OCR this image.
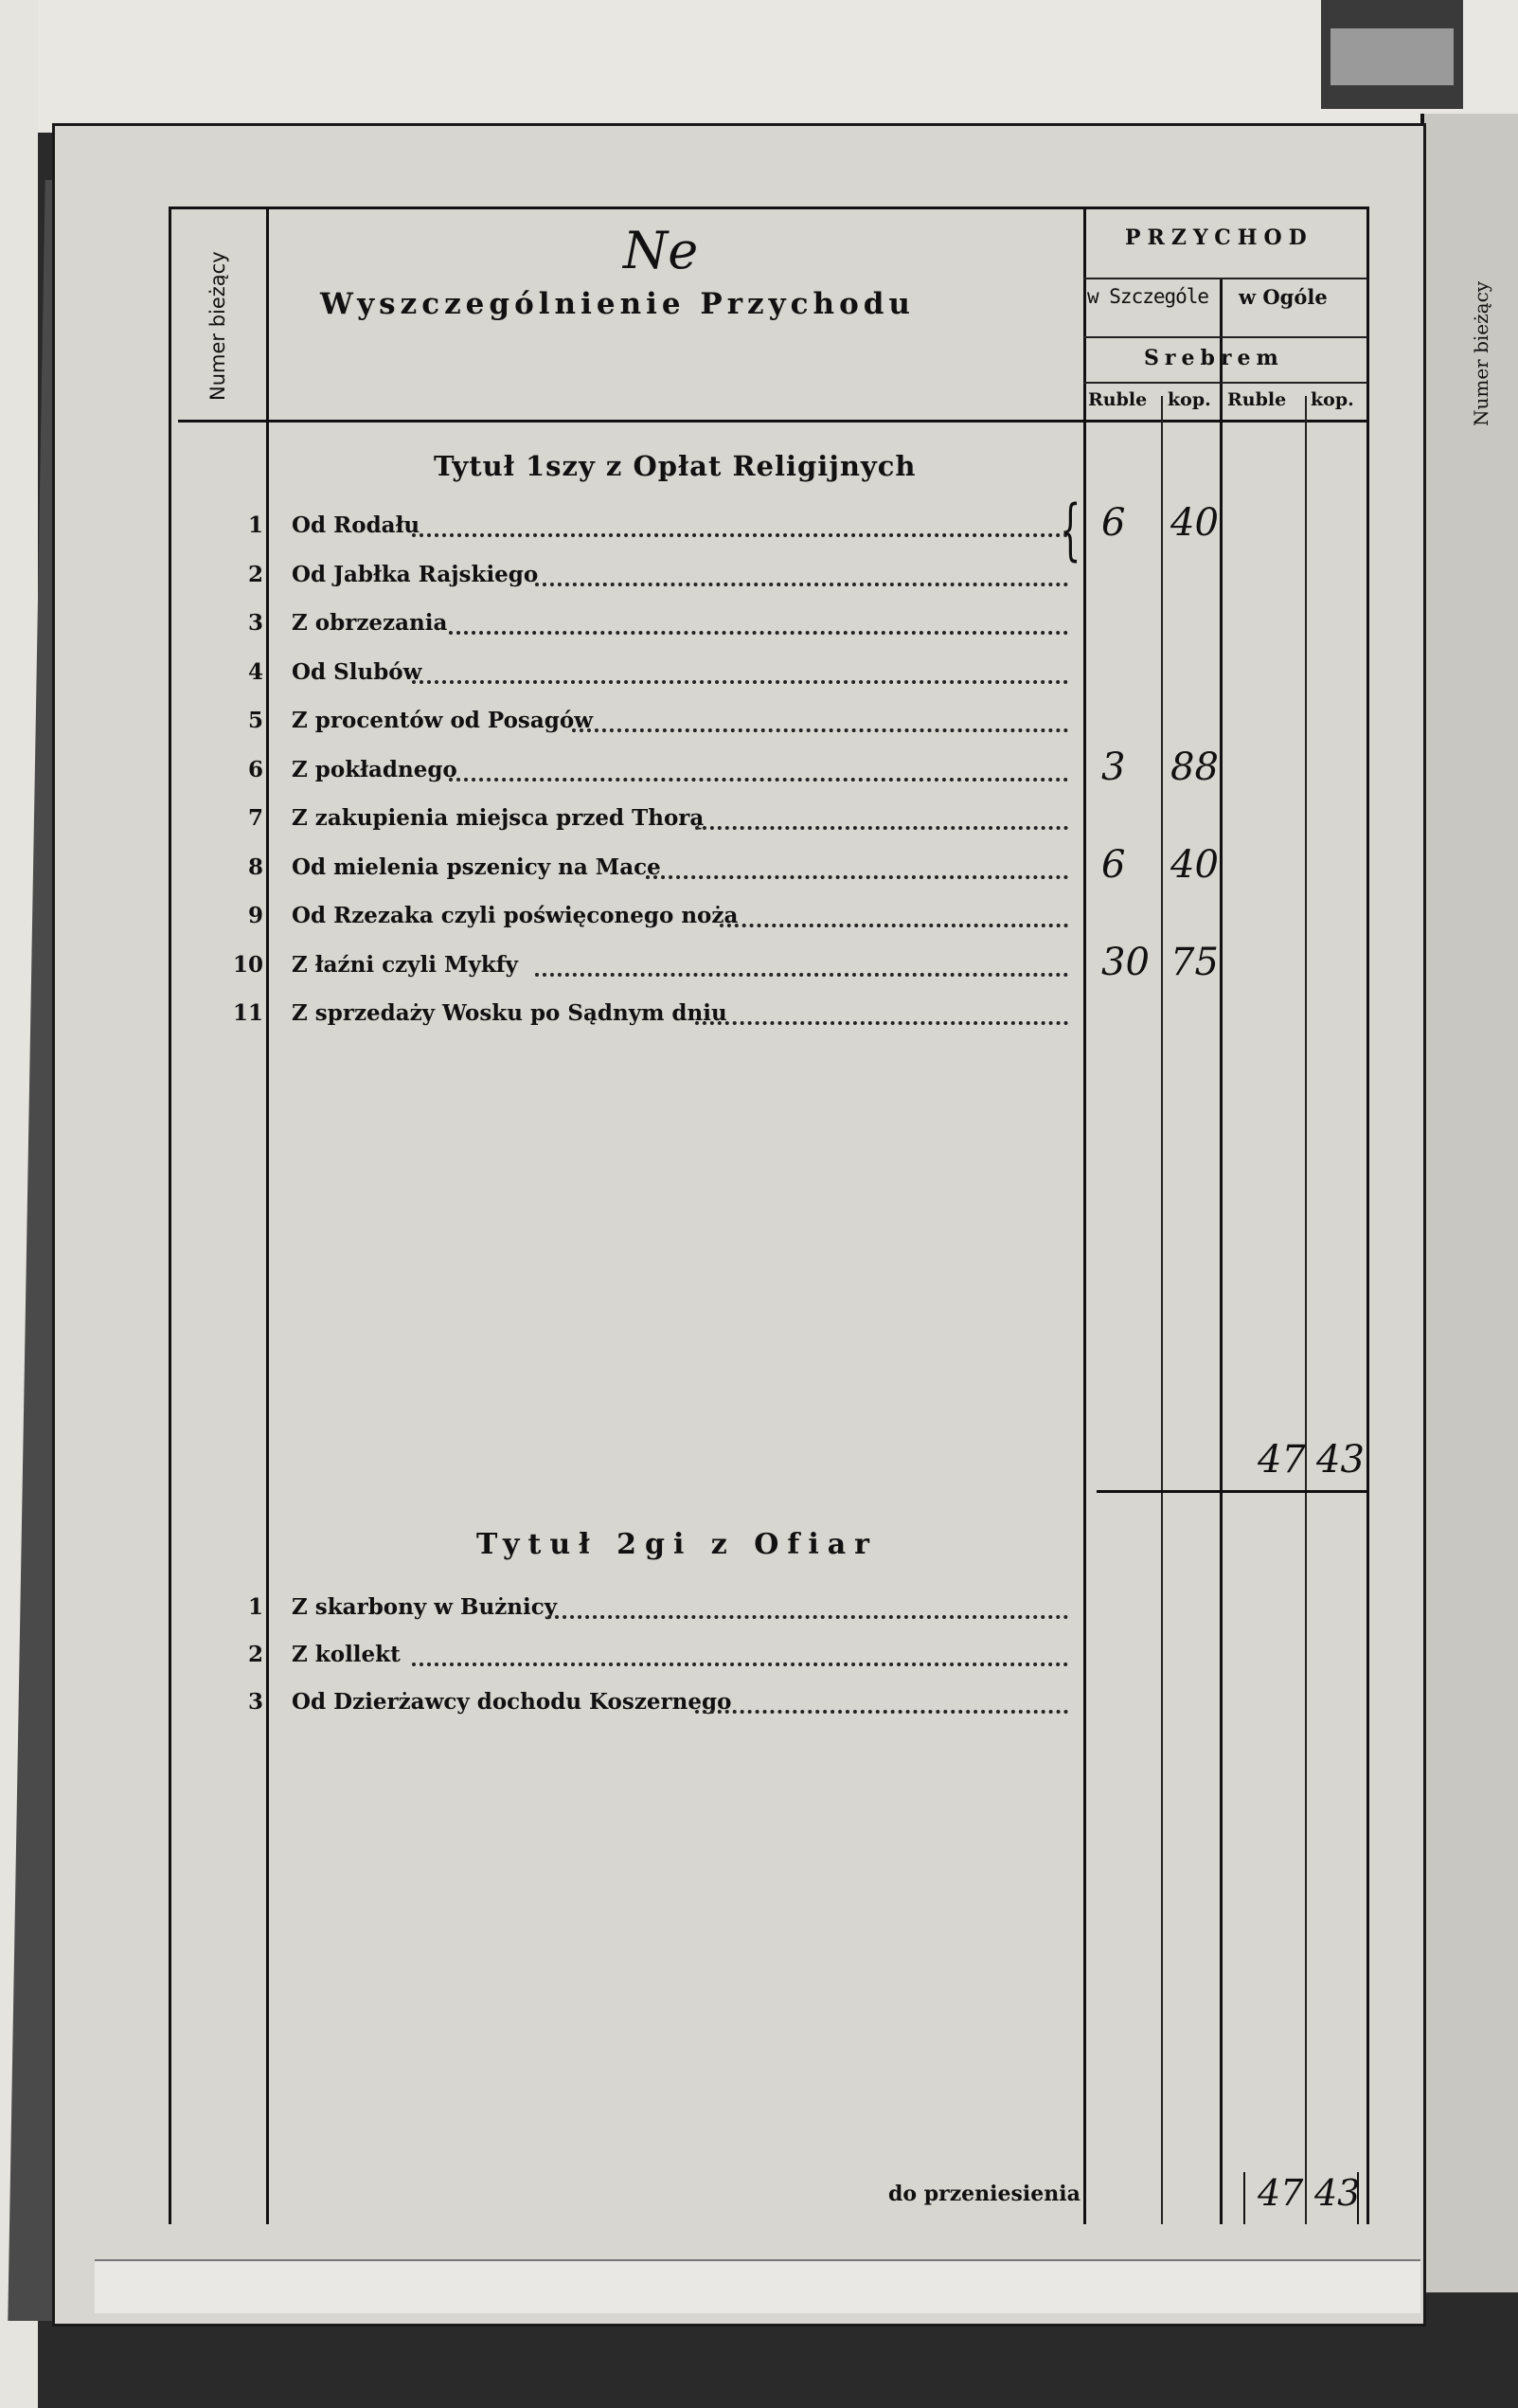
Numer bieżący
Numer bieżący
Ne
Wyszczególnienie Przychodu
PRZYCHOD
w Szczególe w Ogóle
Srebrem
Ruble kop. Ruble kop.
Tytuł 1szy z Opłat Religijnych
1 Od Rodału	6 40
2 Od Jabłka Rajskiego
3 Z obrzezania
4 Od Slubów
5 Z procentów od Posagów
6 Z pokładnego	3 88
7 Z zakupienia miejsca przed Thorą
8 Od mielenia pszenicy na Mace	6 40
9 Od Rzezaka czyli poświęconego noża
10 Z łaźni czyli Mykfy	30 75
11 Z sprzedaży Wosku po Sądnym dniu
{
47 43
Tytuł 2gi z Ofiar
1 Z skarbony w Bużnicy
2 Z kollekt
3 Od Dzierżawcy dochodu Koszernego
do przeniesienia	47 43
